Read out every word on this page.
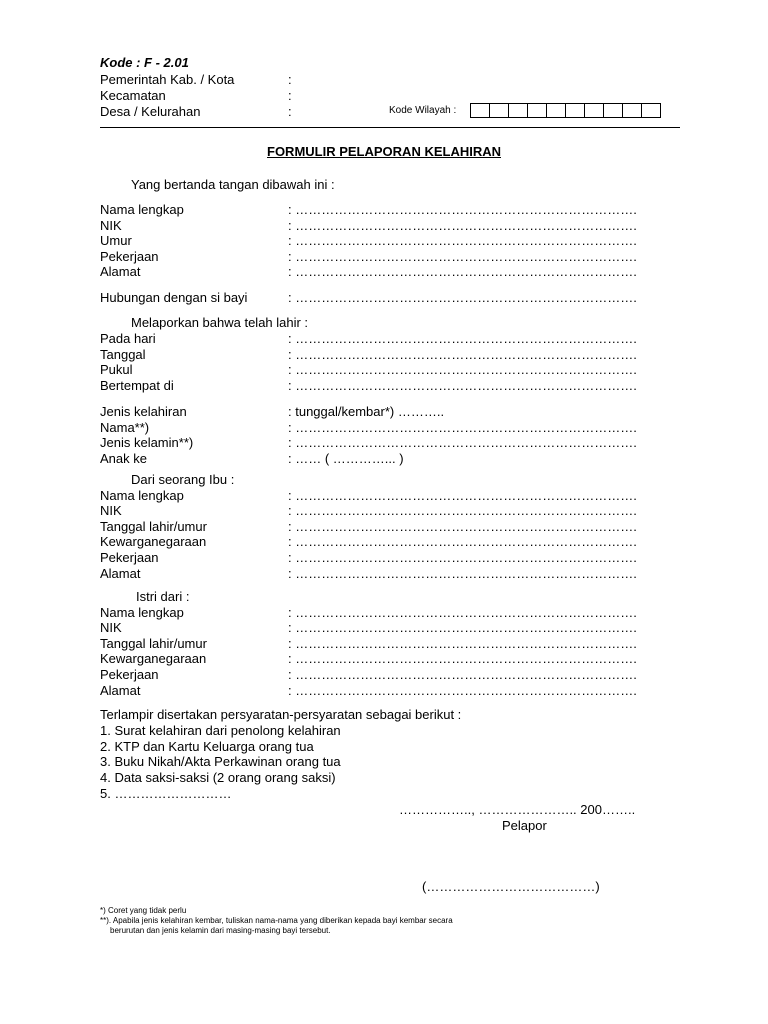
Kode : F - 2.01
Pemerintah Kab. / Kota	:
Kecamatan	:
Desa / Kelurahan	:	Kode Wilayah :
FORMULIR PELAPORAN KELAHIRAN
Yang bertanda tangan dibawah ini :
Nama lengkap	: …………………………………………………………………….
NIK	: …………………………………………………………………….
Umur	: …………………………………………………………………….
Pekerjaan	: …………………………………………………………………….
Alamat	: …………………………………………………………………….
Hubungan dengan si bayi	: …………………………………………………………………….
Melaporkan bahwa telah lahir :
Pada hari	: …………………………………………………………………….
Tanggal	: …………………………………………………………………….
Pukul	: …………………………………………………………………….
Bertempat di	: …………………………………………………………………….
Jenis kelahiran	: tunggal/kembar*) ………..
Nama**)	: …………………………………………………………………….
Jenis kelamin**)	: …………………………………………………………………….
Anak ke	: …… ( …………... )
Dari seorang Ibu :
Nama lengkap	: …………………………………………………………………….
NIK	: …………………………………………………………………….
Tanggal lahir/umur	: …………………………………………………………………….
Kewarganegaraan	: …………………………………………………………………….
Pekerjaan	: …………………………………………………………………….
Alamat	: …………………………………………………………………….
Istri dari :
Nama lengkap	: …………………………………………………………………….
NIK	: …………………………………………………………………….
Tanggal lahir/umur	: …………………………………………………………………….
Kewarganegaraan	: …………………………………………………………………….
Pekerjaan	: …………………………………………………………………….
Alamat	: …………………………………………………………………….
Terlampir disertakan persyaratan-persyaratan sebagai berikut :
1. Surat kelahiran dari penolong kelahiran
2. KTP dan Kartu Keluarga orang tua
3. Buku Nikah/Akta Perkawinan orang tua
4. Data saksi-saksi (2 orang orang saksi)
5. ………………………
…………….., ………………….. 200……..
Pelapor
(…………………………………)
*) Coret yang tidak perlu
**). Apabila jenis kelahiran kembar, tuliskan nama-nama yang diberikan kepada bayi kembar secara
berurutan dan jenis kelamin dari masing-masing bayi tersebut.
